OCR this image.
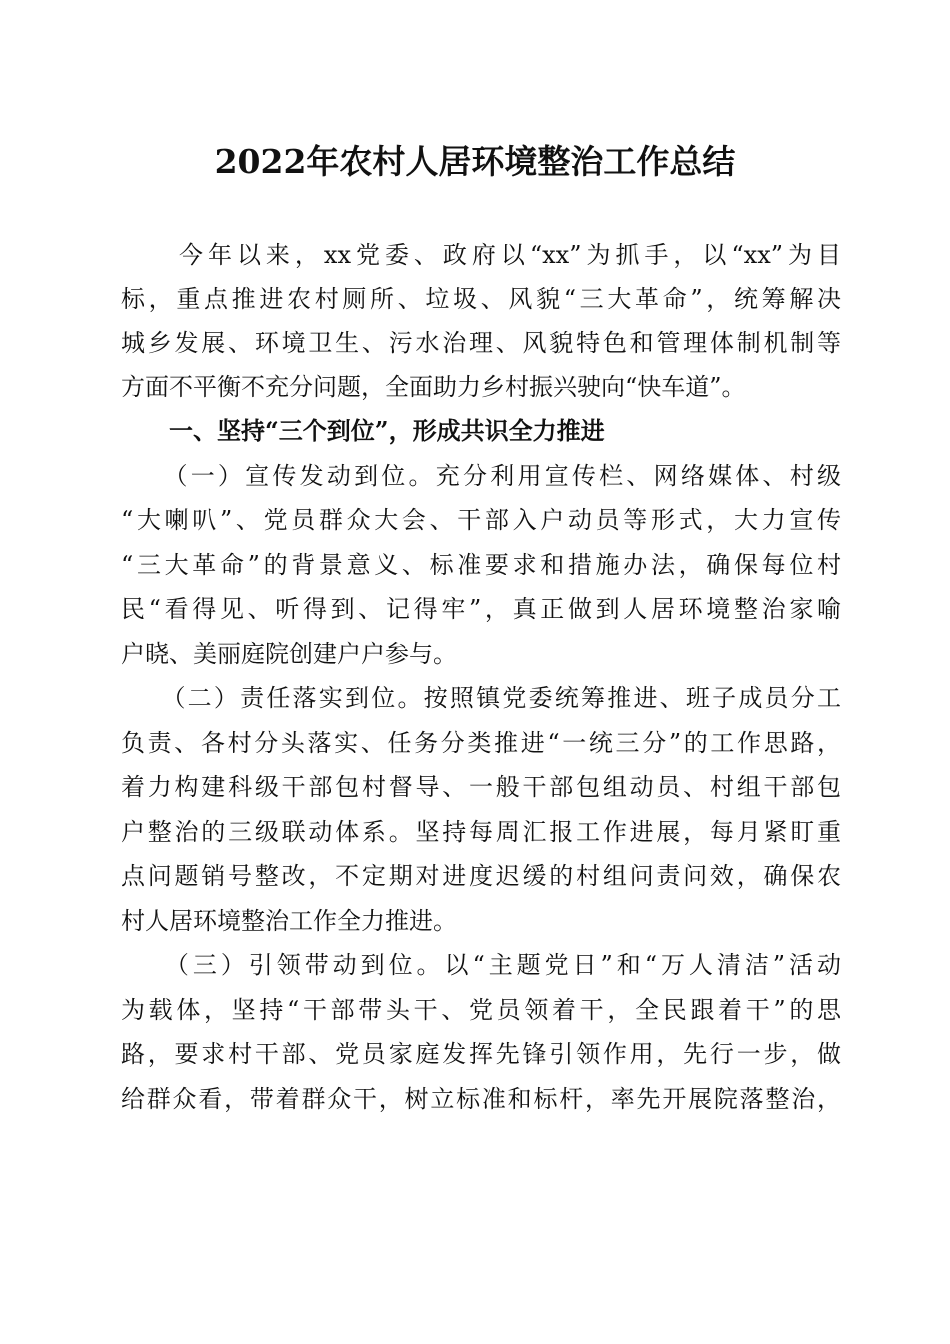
2022年农村人居环境整治工作总结
　　今年以来，xx党委、政府以“xx”为抓手，以“xx”为目
标，重点推进农村厕所、垃圾、风貌“三大革命”，统筹解决
城乡发展、环境卫生、污水治理、风貌特色和管理体制机制等
方面不平衡不充分问题，全面助力乡村振兴驶向“快车道”。
　　一、坚持“三个到位”，形成共识全力推进
　　（一）宣传发动到位。充分利用宣传栏、网络媒体、村级
“大喇叭”、党员群众大会、干部入户动员等形式，大力宣传
“三大革命”的背景意义、标准要求和措施办法，确保每位村
民“看得见、听得到、记得牢”，真正做到人居环境整治家喻
户晓、美丽庭院创建户户参与。
　　（二）责任落实到位。按照镇党委统筹推进、班子成员分工
负责、各村分头落实、任务分类推进“一统三分”的工作思路，
着力构建科级干部包村督导、一般干部包组动员、村组干部包
户整治的三级联动体系。坚持每周汇报工作进展，每月紧盯重
点问题销号整改，不定期对进度迟缓的村组问责问效，确保农
村人居环境整治工作全力推进。
　　（三）引领带动到位。以“主题党日”和“万人清洁”活动
为载体，坚持“干部带头干、党员领着干，全民跟着干”的思
路，要求村干部、党员家庭发挥先锋引领作用，先行一步，做
给群众看，带着群众干，树立标准和标杆，率先开展院落整治，
